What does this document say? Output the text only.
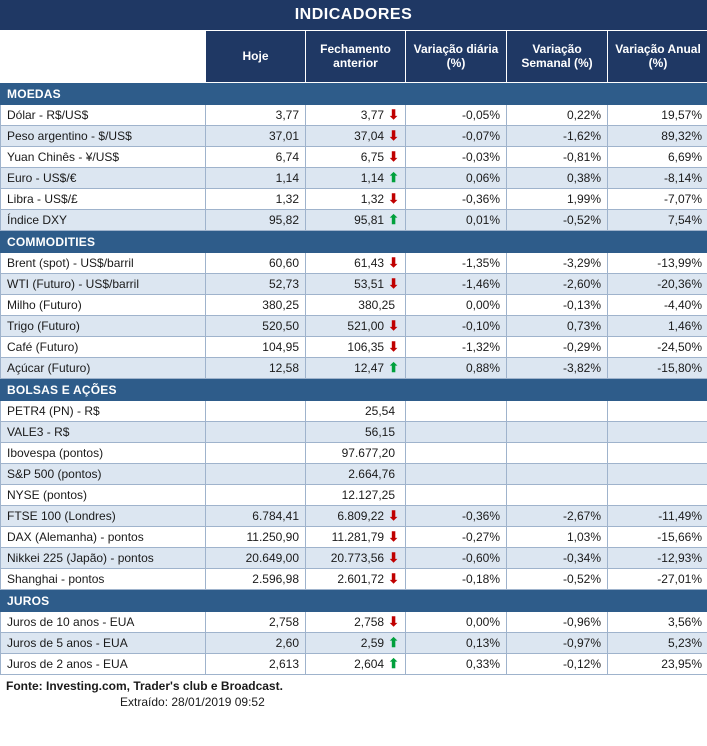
INDICADORES
	Hoje	Fechamento anterior	Variação diária (%)	Variação Semanal (%)	Variação Anual (%)
MOEDAS					
Dólar - R$/US$	3,77	3,77 ⬇	-0,05%	0,22%	19,57%
Peso argentino - $/US$	37,01	37,04 ⬇	-0,07%	-1,62%	89,32%
Yuan Chinês - ¥/US$	6,74	6,75 ⬇	-0,03%	-0,81%	6,69%
Euro - US$/€	1,14	1,14 ⬆	0,06%	0,38%	-8,14%
Libra - US$/£	1,32	1,32 ⬇	-0,36%	1,99%	-7,07%
Índice DXY	95,82	95,81 ⬆	0,01%	-0,52%	7,54%
COMMODITIES					
Brent (spot) - US$/barril	60,60	61,43 ⬇	-1,35%	-3,29%	-13,99%
WTI (Futuro) - US$/barril	52,73	53,51 ⬇	-1,46%	-2,60%	-20,36%
Milho (Futuro)	380,25	380,25	0,00%	-0,13%	-4,40%
Trigo (Futuro)	520,50	521,00 ⬇	-0,10%	0,73%	1,46%
Café (Futuro)	104,95	106,35 ⬇	-1,32%	-0,29%	-24,50%
Açúcar (Futuro)	12,58	12,47 ⬆	0,88%	-3,82%	-15,80%
BOLSAS E AÇÕES					
PETR4 (PN) - R$		25,54			

VALE3 - R$		56,15			

Ibovespa (pontos)		97.677,20			

S&P 500 (pontos)		2.664,76			

NYSE (pontos)		12.127,25			

FTSE 100 (Londres)	6.784,41	6.809,22 ⬇	-0,36%	-2,67%	-11,49%
DAX (Alemanha) - pontos	11.250,90	11.281,79 ⬇	-0,27%	1,03%	-15,66%
Nikkei 225 (Japão) - pontos	20.649,00	20.773,56 ⬇	-0,60%	-0,34%	-12,93%
Shanghai - pontos	2.596,98	2.601,72 ⬇	-0,18%	-0,52%	-27,01%
JUROS					
Juros de 10 anos - EUA	2,758	2,758 ⬇	0,00%	-0,96%	3,56%
Juros de 5 anos - EUA	2,60	2,59 ⬆	0,13%	-0,97%	5,23%
Juros de 2 anos - EUA	2,613	2,604 ⬆	0,33%	-0,12%	23,95%
Fonte: Investing.com, Trader's club e Broadcast.
Extraído: 28/01/2019 09:52
